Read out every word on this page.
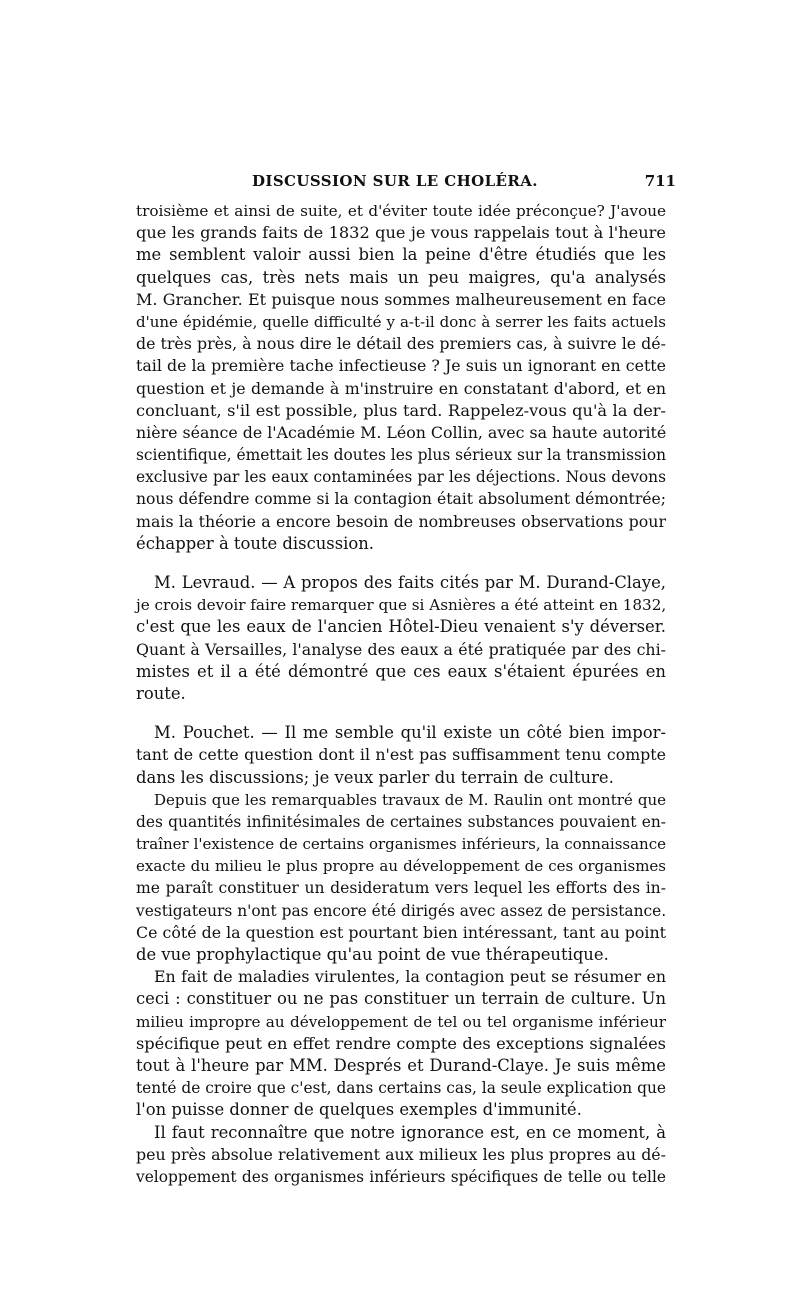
DISCUSSION SUR LE CHOLÉRA.	711
troisième et ainsi de suite, et d'éviter toute idée préconçue? J'avoue
que les grands faits de 1832 que je vous rappelais tout à l'heure
me semblent valoir aussi bien la peine d'être étudiés que les
quelques cas, très nets mais un peu maigres, qu'a analysés
M. Grancher. Et puisque nous sommes malheureusement en face
d'une épidémie, quelle difficulté y a-t-il donc à serrer les faits actuels
de très près, à nous dire le détail des premiers cas, à suivre le dé-
tail de la première tache infectieuse ? Je suis un ignorant en cette
question et je demande à m'instruire en constatant d'abord, et en
concluant, s'il est possible, plus tard. Rappelez-vous qu'à la der-
nière séance de l'Académie M. Léon Collin, avec sa haute autorité
scientifique, émettait les doutes les plus sérieux sur la transmission
exclusive par les eaux contaminées par les déjections. Nous devons
nous défendre comme si la contagion était absolument démontrée;
mais la théorie a encore besoin de nombreuses observations pour
échapper à toute discussion.
M. Levraud. — A propos des faits cités par M. Durand-Claye,
je crois devoir faire remarquer que si Asnières a été atteint en 1832,
c'est que les eaux de l'ancien Hôtel-Dieu venaient s'y déverser.
Quant à Versailles, l'analyse des eaux a été pratiquée par des chi-
mistes et il a été démontré que ces eaux s'étaient épurées en
route.
M. Pouchet. — Il me semble qu'il existe un côté bien impor-
tant de cette question dont il n'est pas suffisamment tenu compte
dans les discussions; je veux parler du terrain de culture.
Depuis que les remarquables travaux de M. Raulin ont montré que
des quantités infinitésimales de certaines substances pouvaient en-
traîner l'existence de certains organismes inférieurs, la connaissance
exacte du milieu le plus propre au développement de ces organismes
me paraît constituer un desideratum vers lequel les efforts des in-
vestigateurs n'ont pas encore été dirigés avec assez de persistance.
Ce côté de la question est pourtant bien intéressant, tant au point
de vue prophylactique qu'au point de vue thérapeutique.
En fait de maladies virulentes, la contagion peut se résumer en
ceci : constituer ou ne pas constituer un terrain de culture. Un
milieu impropre au développement de tel ou tel organisme inférieur
spécifique peut en effet rendre compte des exceptions signalées
tout à l'heure par MM. Després et Durand-Claye. Je suis même
tenté de croire que c'est, dans certains cas, la seule explication que
l'on puisse donner de quelques exemples d'immunité.
Il faut reconnaître que notre ignorance est, en ce moment, à
peu près absolue relativement aux milieux les plus propres au dé-
veloppement des organismes inférieurs spécifiques de telle ou telle
